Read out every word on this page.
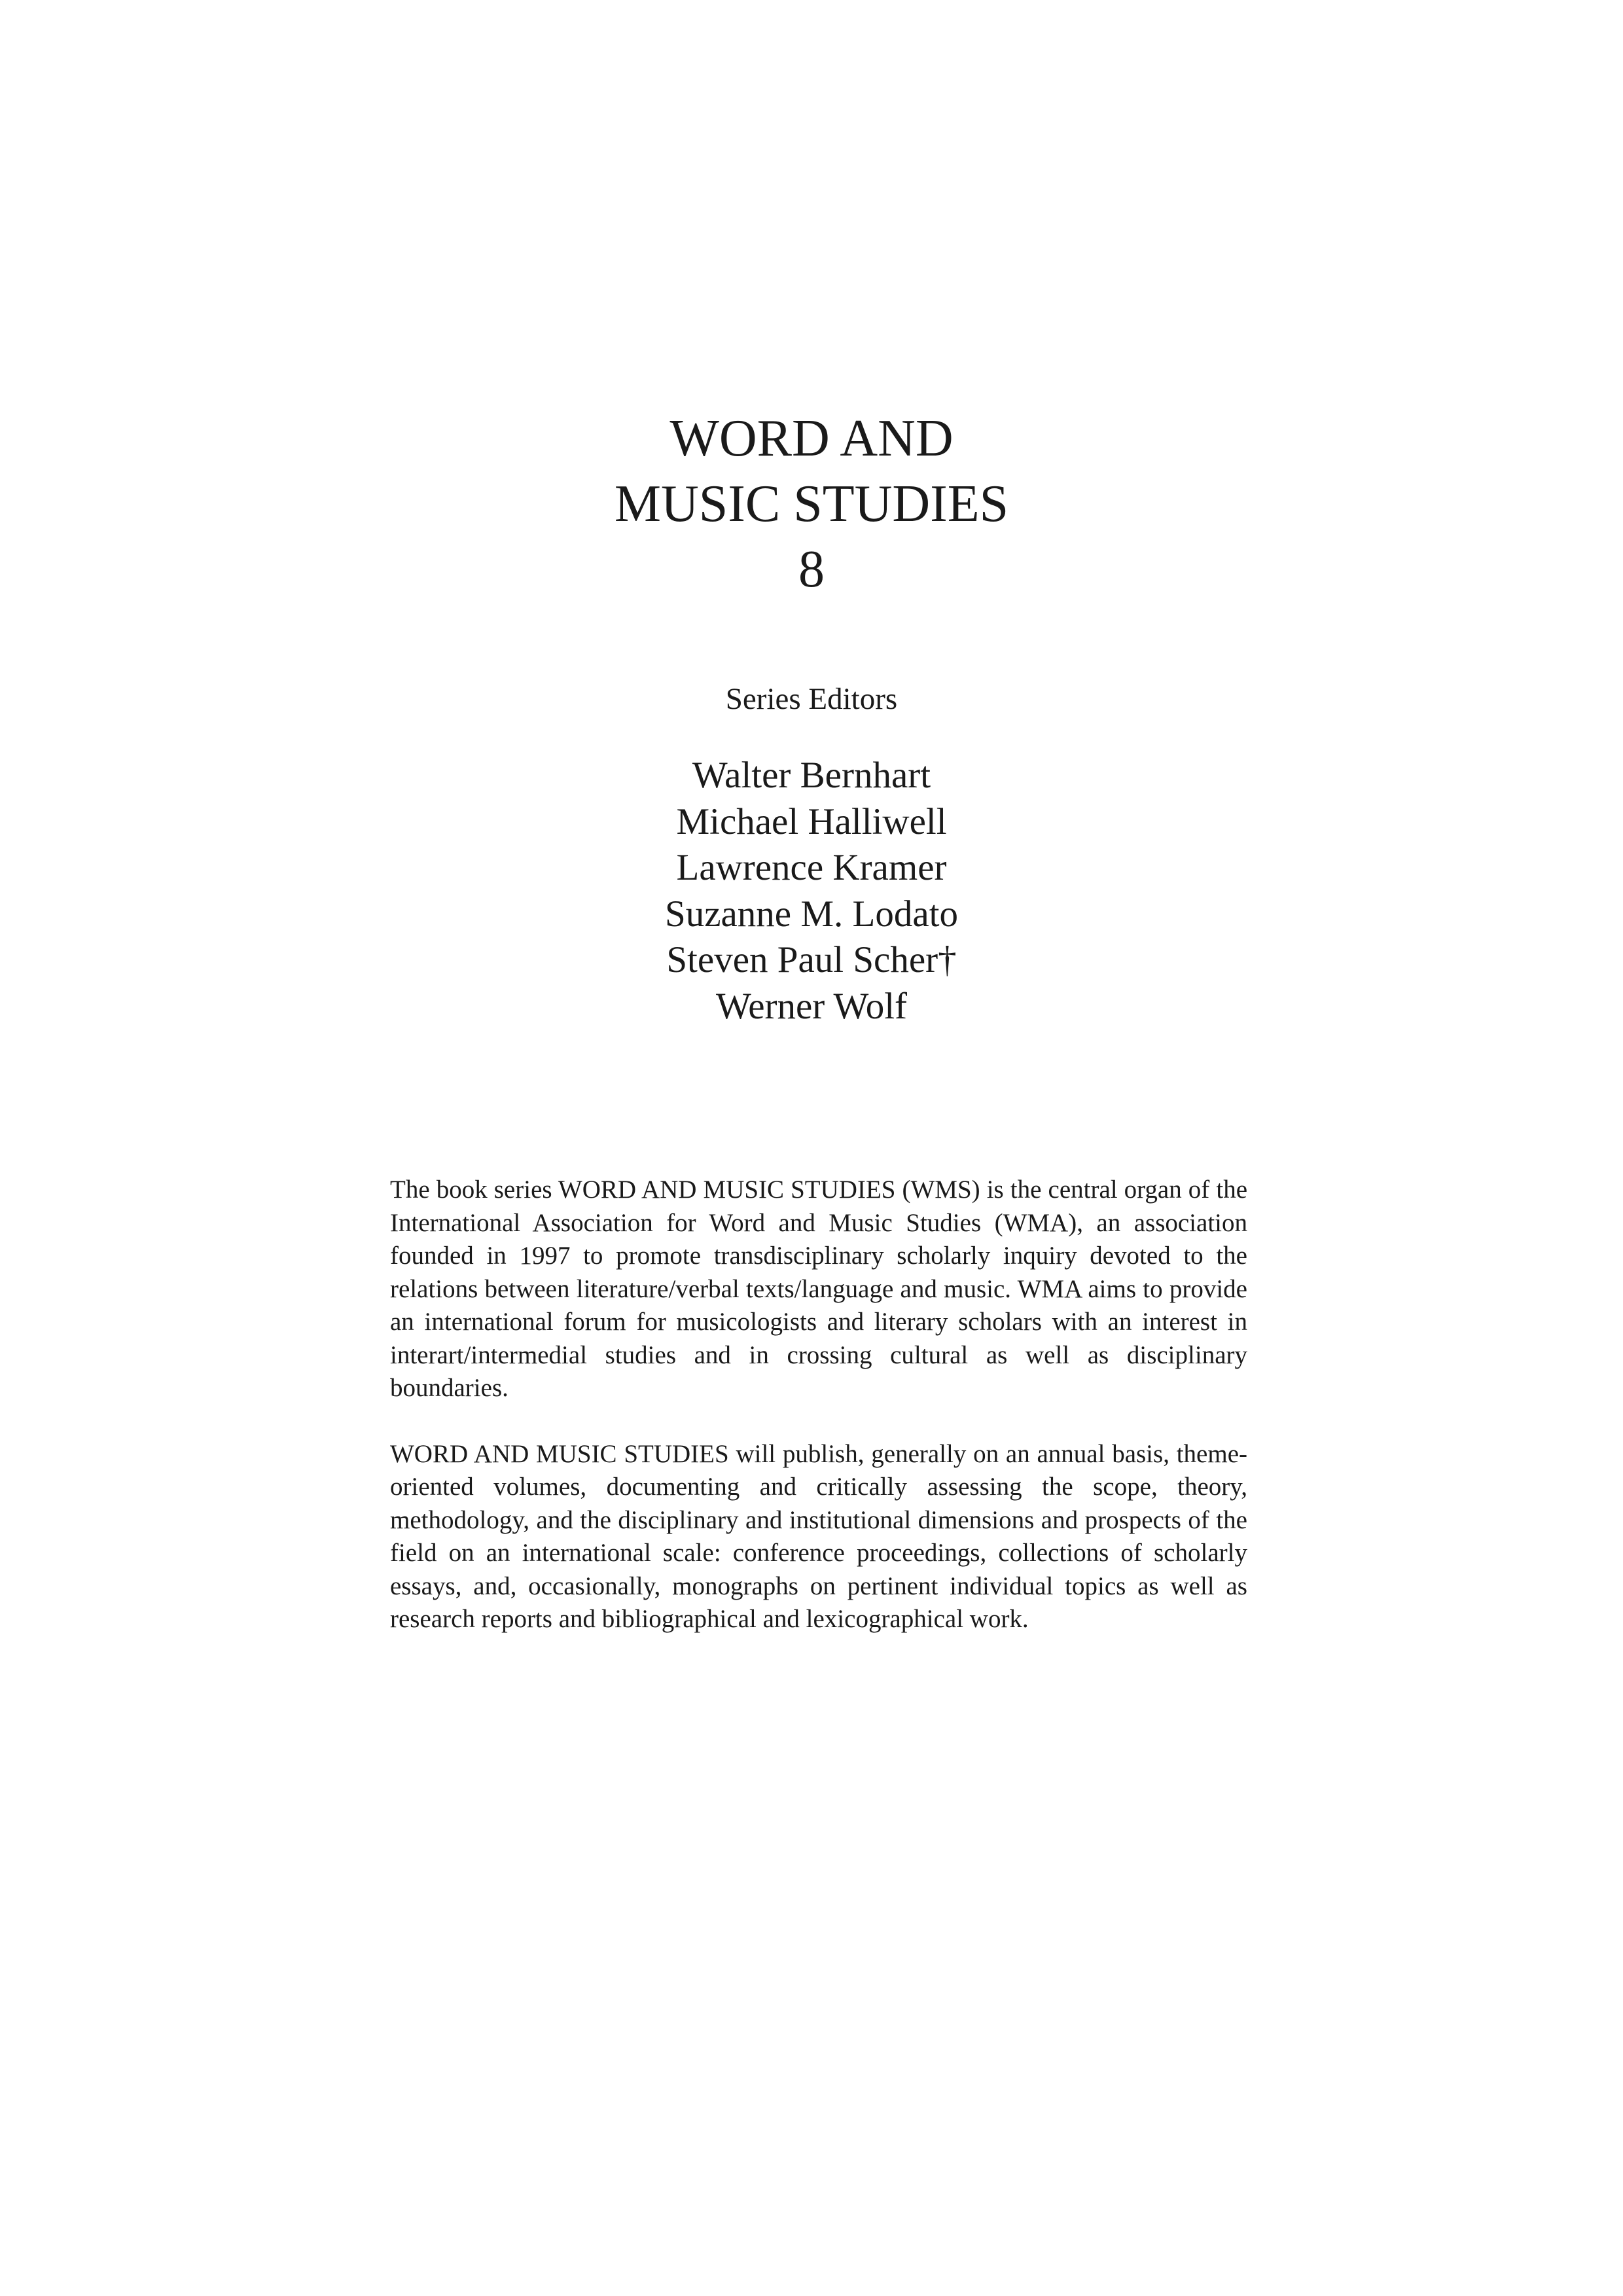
WORD AND
MUSIC STUDIES
8
Series Editors
Walter Bernhart
Michael Halliwell
Lawrence Kramer
Suzanne M. Lodato
Steven Paul Scher†
Werner Wolf

The book series WORD AND MUSIC STUDIES (WMS) is the central organ of the International Association for Word and Music Studies (WMA), an association founded in 1997 to promote transdisciplinary scholarly inquiry devoted to the relations between literature/verbal texts/language and music. WMA aims to provide an international forum for musicologists and literary scholars with an interest in interart/intermedial studies and in crossing cultural as well as disciplinary boundaries.

WORD AND MUSIC STUDIES will publish, generally on an annual basis, theme-oriented volumes, documenting and critically assessing the scope, theory, methodology, and the disciplinary and institutional dimensions and prospects of the field on an international scale: conference proceedings, collections of scholarly essays, and, occasionally, monographs on pertinent individual topics as well as research reports and bibliographical and lexicographical work.
